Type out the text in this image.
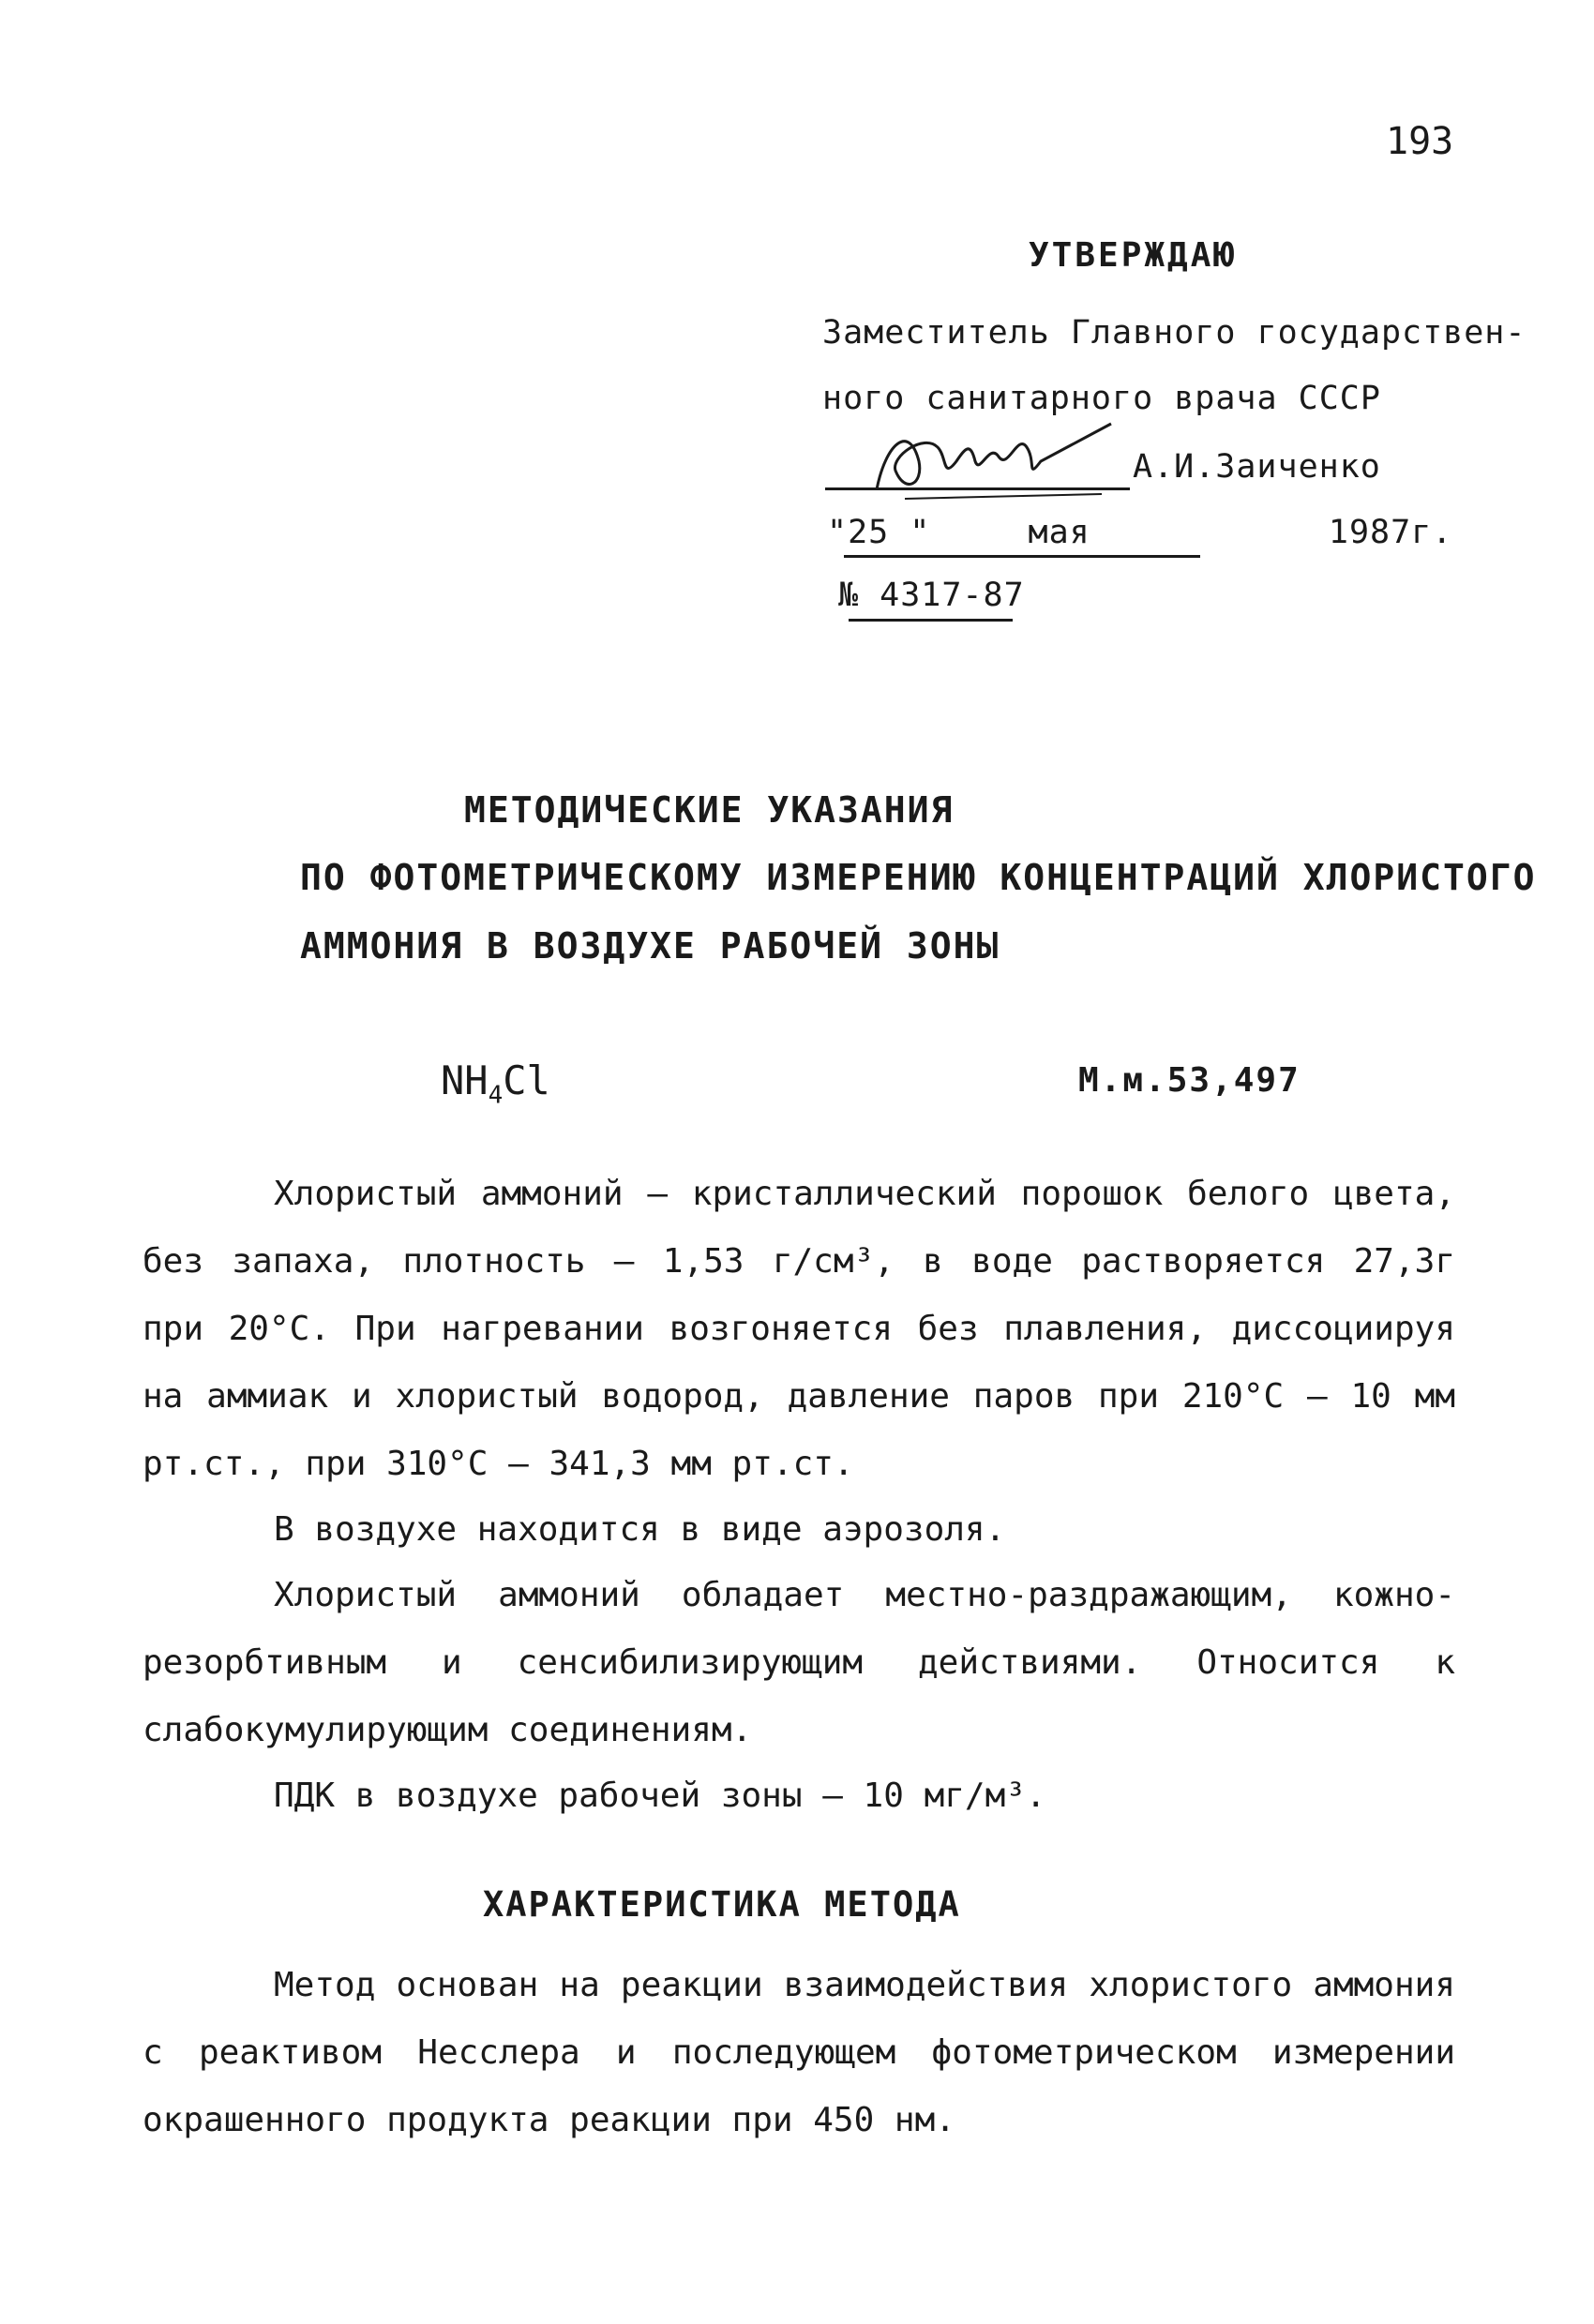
193
УТВЕРЖДАЮ
Заместитель Главного государствен-
ного санитарного врача СССР
А.И.Заиченко
"25 "	мая	1987г.
№ 4317-87
МЕТОДИЧЕСКИЕ УКАЗАНИЯ
ПО ФОТОМЕТРИЧЕСКОМУ ИЗМЕРЕНИЮ КОНЦЕНТРАЦИЙ ХЛОРИСТОГО
АММОНИЯ В ВОЗДУХЕ РАБОЧЕЙ ЗОНЫ
$NH_4Cl$	М.м.53,497
Хлористый аммоний – кристаллический порошок белого цвета, без запаха, плотность – 1,53 г/см³, в воде растворяется 27,3г при 20°С. При нагревании возгоняется без плавления, диссоциируя на аммиак и хлористый водород, давление паров при 210°С – 10 мм рт.ст., при 310°С – 341,3 мм рт.ст.
В воздухе находится в виде аэрозоля.
Хлористый аммоний обладает местно-раздражающим, кожно-резорбтивным и сенсибилизирующим действиями. Относится к слабокумулирующим соединениям.
ПДК в воздухе рабочей зоны – 10 мг/м³.
ХАРАКТЕРИСТИКА МЕТОДА
Метод основан на реакции взаимодействия хлористого аммония с реактивом Несслера и последующем фотометрическом измерении окрашенного продукта реакции при 450 нм.
